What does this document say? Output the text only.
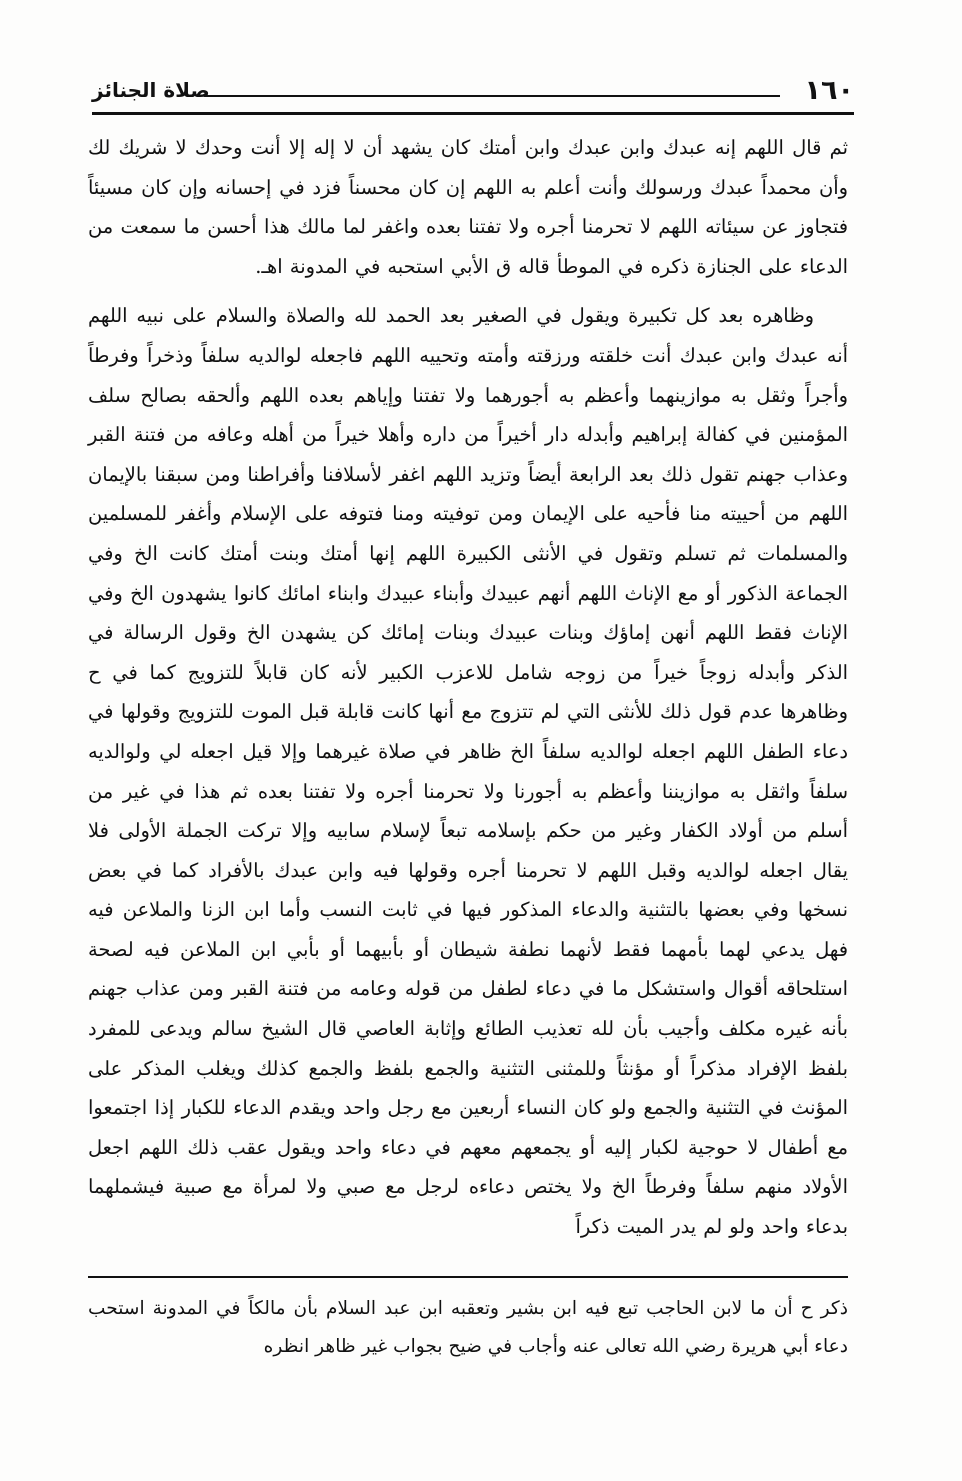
١٦٠
صلاة الجنائز

ثم قال اللهم إنه عبدك وابن عبدك وابن أمتك كان يشهد أن لا إله إلا أنت وحدك لا شريك لك وأن محمداً عبدك ورسولك وأنت أعلم به اللهم إن كان محسناً فزد في إحسانه وإن كان مسيئاً فتجاوز عن سيئاته اللهم لا تحرمنا أجره ولا تفتنا بعده واغفر لما مالك هذا أحسن ما سمعت من الدعاء على الجنازة ذكره في الموطأ قاله ق الأبي استحبه في المدونة اهـ.

وظاهره بعد كل تكبيرة ويقول في الصغير بعد الحمد لله والصلاة والسلام على نبيه اللهم أنه عبدك وابن عبدك أنت خلقته ورزقته وأمته وتحييه اللهم فاجعله لوالديه سلفاً وذخراً وفرطاً وأجراً وثقل به موازينهما وأعظم به أجورهما ولا تفتنا وإياهم بعده اللهم وألحقه بصالح سلف المؤمنين في كفالة إبراهيم وأبدله دار أخيراً من داره وأهلا خيراً من أهله وعافه من فتنة القبر وعذاب جهنم تقول ذلك بعد الرابعة أيضاً وتزيد اللهم اغفر لأسلافنا وأفراطنا ومن سبقنا بالإيمان اللهم من أحييته منا فأحيه على الإيمان ومن توفيته ومنا فتوفه على الإسلام وأغفر للمسلمين والمسلمات ثم تسلم وتقول في الأنثى الكبيرة اللهم إنها أمتك وبنت أمتك كانت الخ وفي الجماعة الذكور أو مع الإناث اللهم أنهم عبيدك وأبناء عبيدك وابناء امائك كانوا يشهدون الخ وفي الإناث فقط اللهم أنهن إماؤك وبنات عبيدك وبنات إمائك كن يشهدن الخ وقول الرسالة في الذكر وأبدله زوجاً خيراً من زوجه شامل للاعزب الكبير لأنه كان قابلاً للتزويج كما في ح وظاهرها عدم قول ذلك للأنثى التي لم تتزوج مع أنها كانت قابلة قبل الموت للتزويج وقولها في دعاء الطفل اللهم اجعله لوالديه سلفاً الخ ظاهر في صلاة غيرهما وإلا قيل اجعله لي ولوالديه سلفاً واثقل به موازيننا وأعظم به أجورنا ولا تحرمنا أجره ولا تفتنا بعده ثم هذا في غير من أسلم من أولاد الكفار وغير من حكم بإسلامه تبعاً لإسلام سابيه وإلا تركت الجملة الأولى فلا يقال اجعله لوالديه وقبل اللهم لا تحرمنا أجره وقولها فيه وابن عبدك بالأفراد كما في بعض نسخها وفي بعضها بالتثنية والدعاء المذكور فيها في ثابت النسب وأما ابن الزنا والملاعن فيه فهل يدعي لهما بأمهما فقط لأنهما نطفة شيطان أو بأبيهما أو بأبي ابن الملاعن فيه لصحة استلحاقه أقوال واستشكل ما في دعاء لطفل من قوله وعامه من فتنة القبر ومن عذاب جهنم بأنه غيره مكلف وأجيب بأن لله تعذيب الطائع وإثابة العاصي قال الشيخ سالم ويدعى للمفرد بلفظ الإفراد مذكراً أو مؤنثاً وللمثنى التثنية والجمع بلفظ والجمع كذلك ويغلب المذكر على المؤنث في التثنية والجمع ولو كان النساء أربعين مع رجل واحد ويقدم الدعاء للكبار إذا اجتمعوا مع أطفال لا حوجية لكبار إليه أو يجمعهم معهم في دعاء واحد ويقول عقب ذلك اللهم اجعل الأولاد منهم سلفاً وفرطاً الخ ولا يختص دعاءه لرجل مع صبي ولا لمرأة مع صبية فيشملهما بدعاء واحد ولو لم يدر الميت ذكراً

ذكر ح أن ما لابن الحاجب تبع فيه ابن بشير وتعقبه ابن عبد السلام بأن مالكاً في المدونة استحب دعاء أبي هريرة رضي الله تعالى عنه وأجاب في ضيح بجواب غير ظاهر انظره
